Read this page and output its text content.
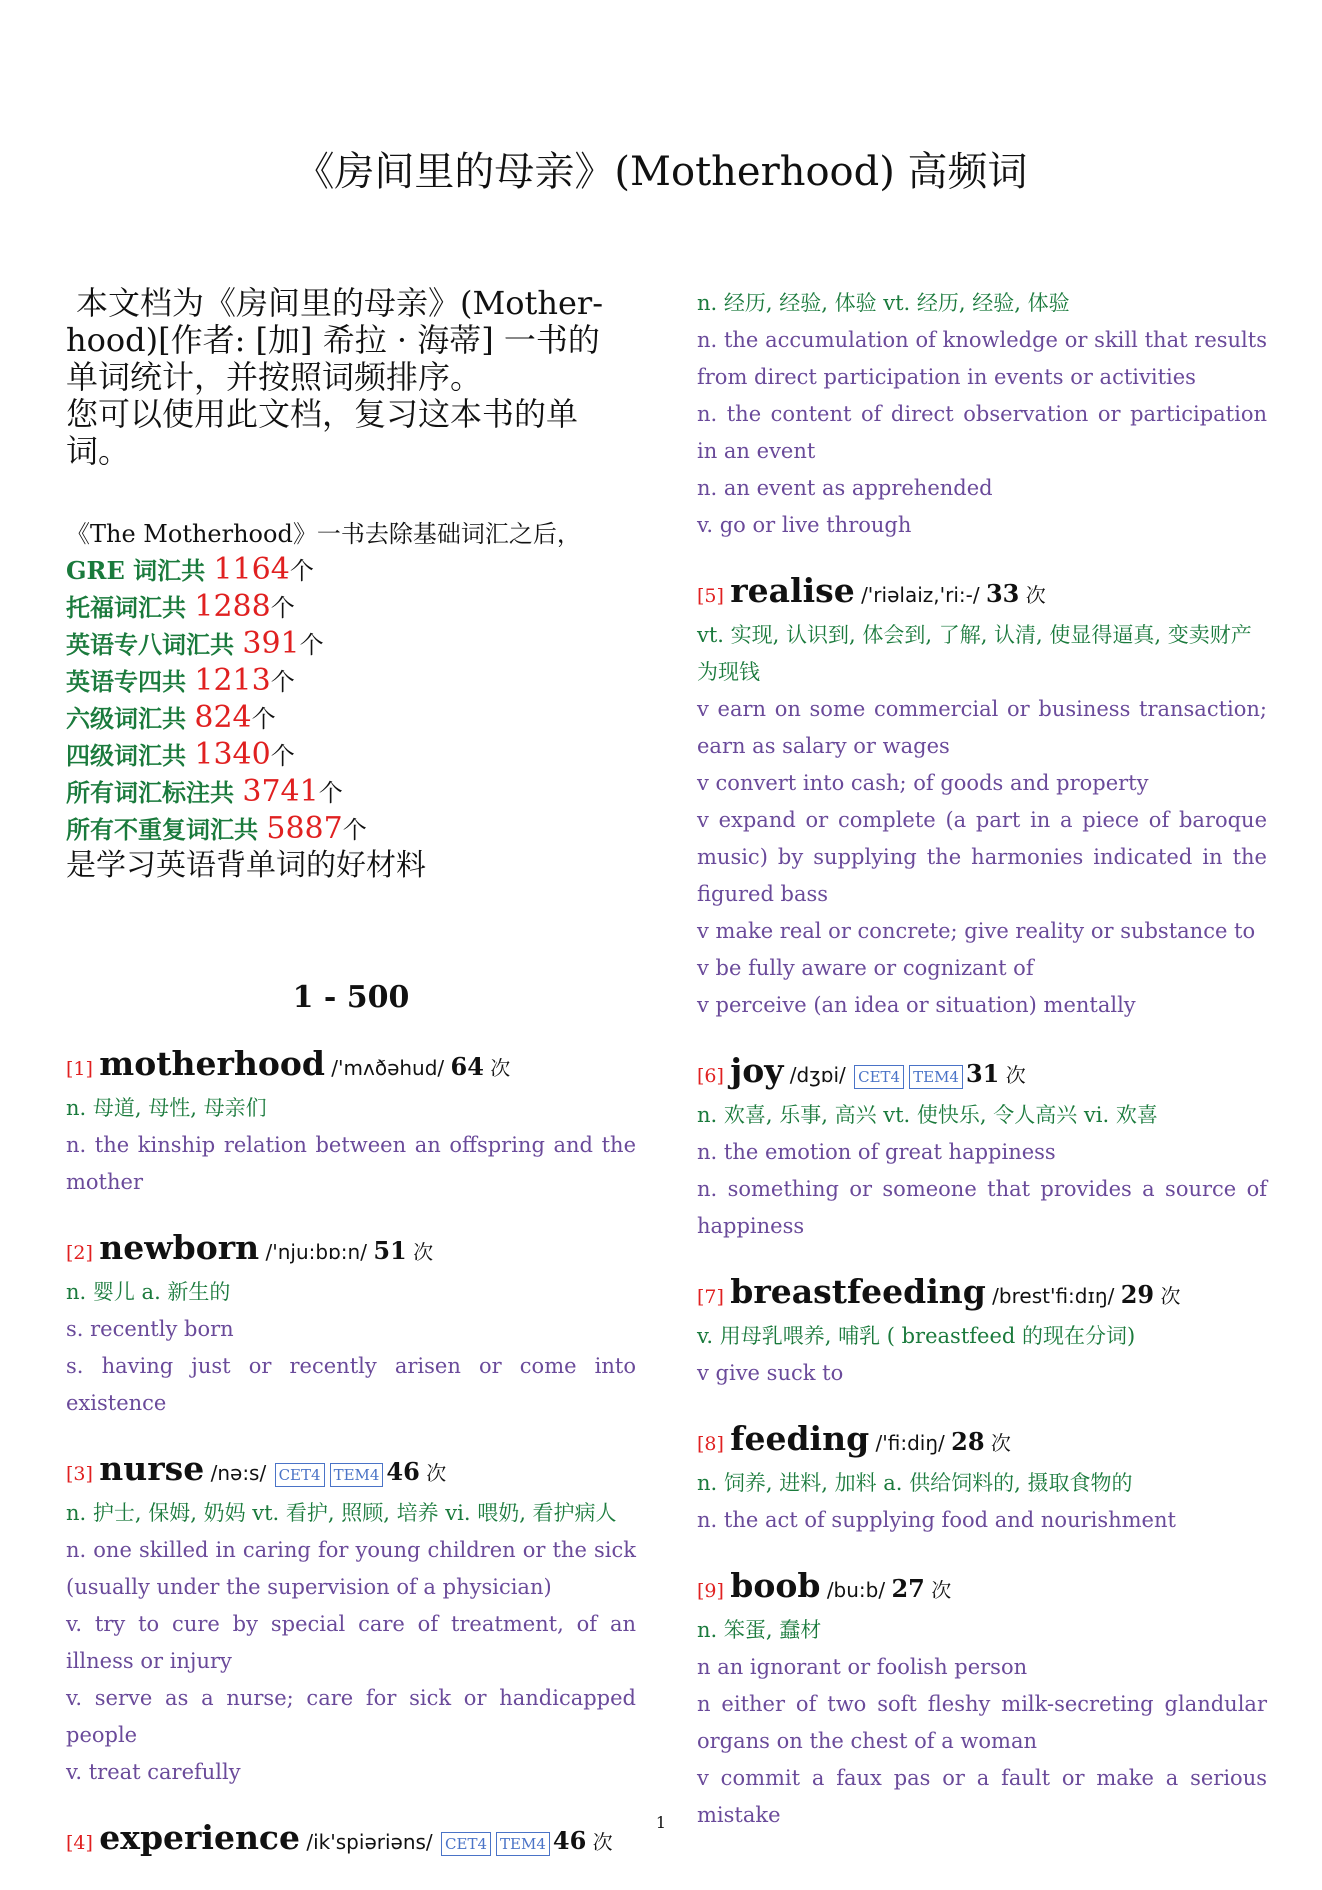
《房间里的母亲》(Motherhood) 高频词
本文档为《房间里的母亲》(Mother-
hood)[作者: [加] 希拉 · 海蒂] 一书的
单词统计，并按照词频排序。
您可以使用此文档，复习这本书的单
词。
《The Motherhood》一书去除基础词汇之后，
GRE 词汇共 1164个
托福词汇共 1288个
英语专八词汇共 391个
英语专四共 1213个
六级词汇共 824个
四级词汇共 1340个
所有词汇标注共 3741个
所有不重复词汇共 5887个
是学习英语背单词的好材料
1 - 500
[1] motherhood /'mʌðəhud/ 64 次

n. 母道, 母性, 母亲们

n. the kinship relation between an offspring and the mother

[2] newborn /'nju:bɒ:n/ 51 次

n. 婴儿 a. 新生的

s. recently born

s. having just or recently arisen or come into existence

[3] nurse /nə:s/ CET4 TEM4 46 次

n. 护士, 保姆, 奶妈 vt. 看护, 照顾, 培养 vi. 喂奶, 看护病人

n. one skilled in caring for young children or the sick (usually under the supervision of a physician)

v. try to cure by special care of treatment, of an illness or injury

v. serve as a nurse; care for sick or handicapped people

v. treat carefully

[4] experience /ik'spiəriəns/ CET4 TEM4 46 次

n. 经历, 经验, 体验 vt. 经历, 经验, 体验

n. the accumulation of knowledge or skill that results from direct participation in events or activities

n. the content of direct observation or participation in an event

n. an event as apprehended

v. go or live through

[5] realise /'riəlaiz,'ri:-/ 33 次

vt. 实现, 认识到, 体会到, 了解, 认清, 使显得逼真, 变卖财产为现钱

v earn on some commercial or business transaction; earn as salary or wages

v convert into cash; of goods and property

v expand or complete (a part in a piece of baroque music) by supplying the harmonies indicated in the figured bass

v make real or concrete; give reality or substance to

v be fully aware or cognizant of

v perceive (an idea or situation) mentally

[6] joy /dʒɒi/ CET4 TEM4 31 次

n. 欢喜, 乐事, 高兴 vt. 使快乐, 令人高兴 vi. 欢喜

n. the emotion of great happiness

n. something or someone that provides a source of happiness

[7] breastfeeding /brest'fi:dɪŋ/ 29 次

v. 用母乳喂养, 哺乳 ( breastfeed 的现在分词)

v give suck to

[8] feeding /'fi:diŋ/ 28 次

n. 饲养, 进料, 加料 a. 供给饲料的, 摄取食物的

n. the act of supplying food and nourishment

[9] boob /bu:b/ 27 次

n. 笨蛋, 蠢材

n an ignorant or foolish person

n either of two soft fleshy milk-secreting glandular organs on the chest of a woman

v commit a faux pas or a fault or make a serious mistake

1
